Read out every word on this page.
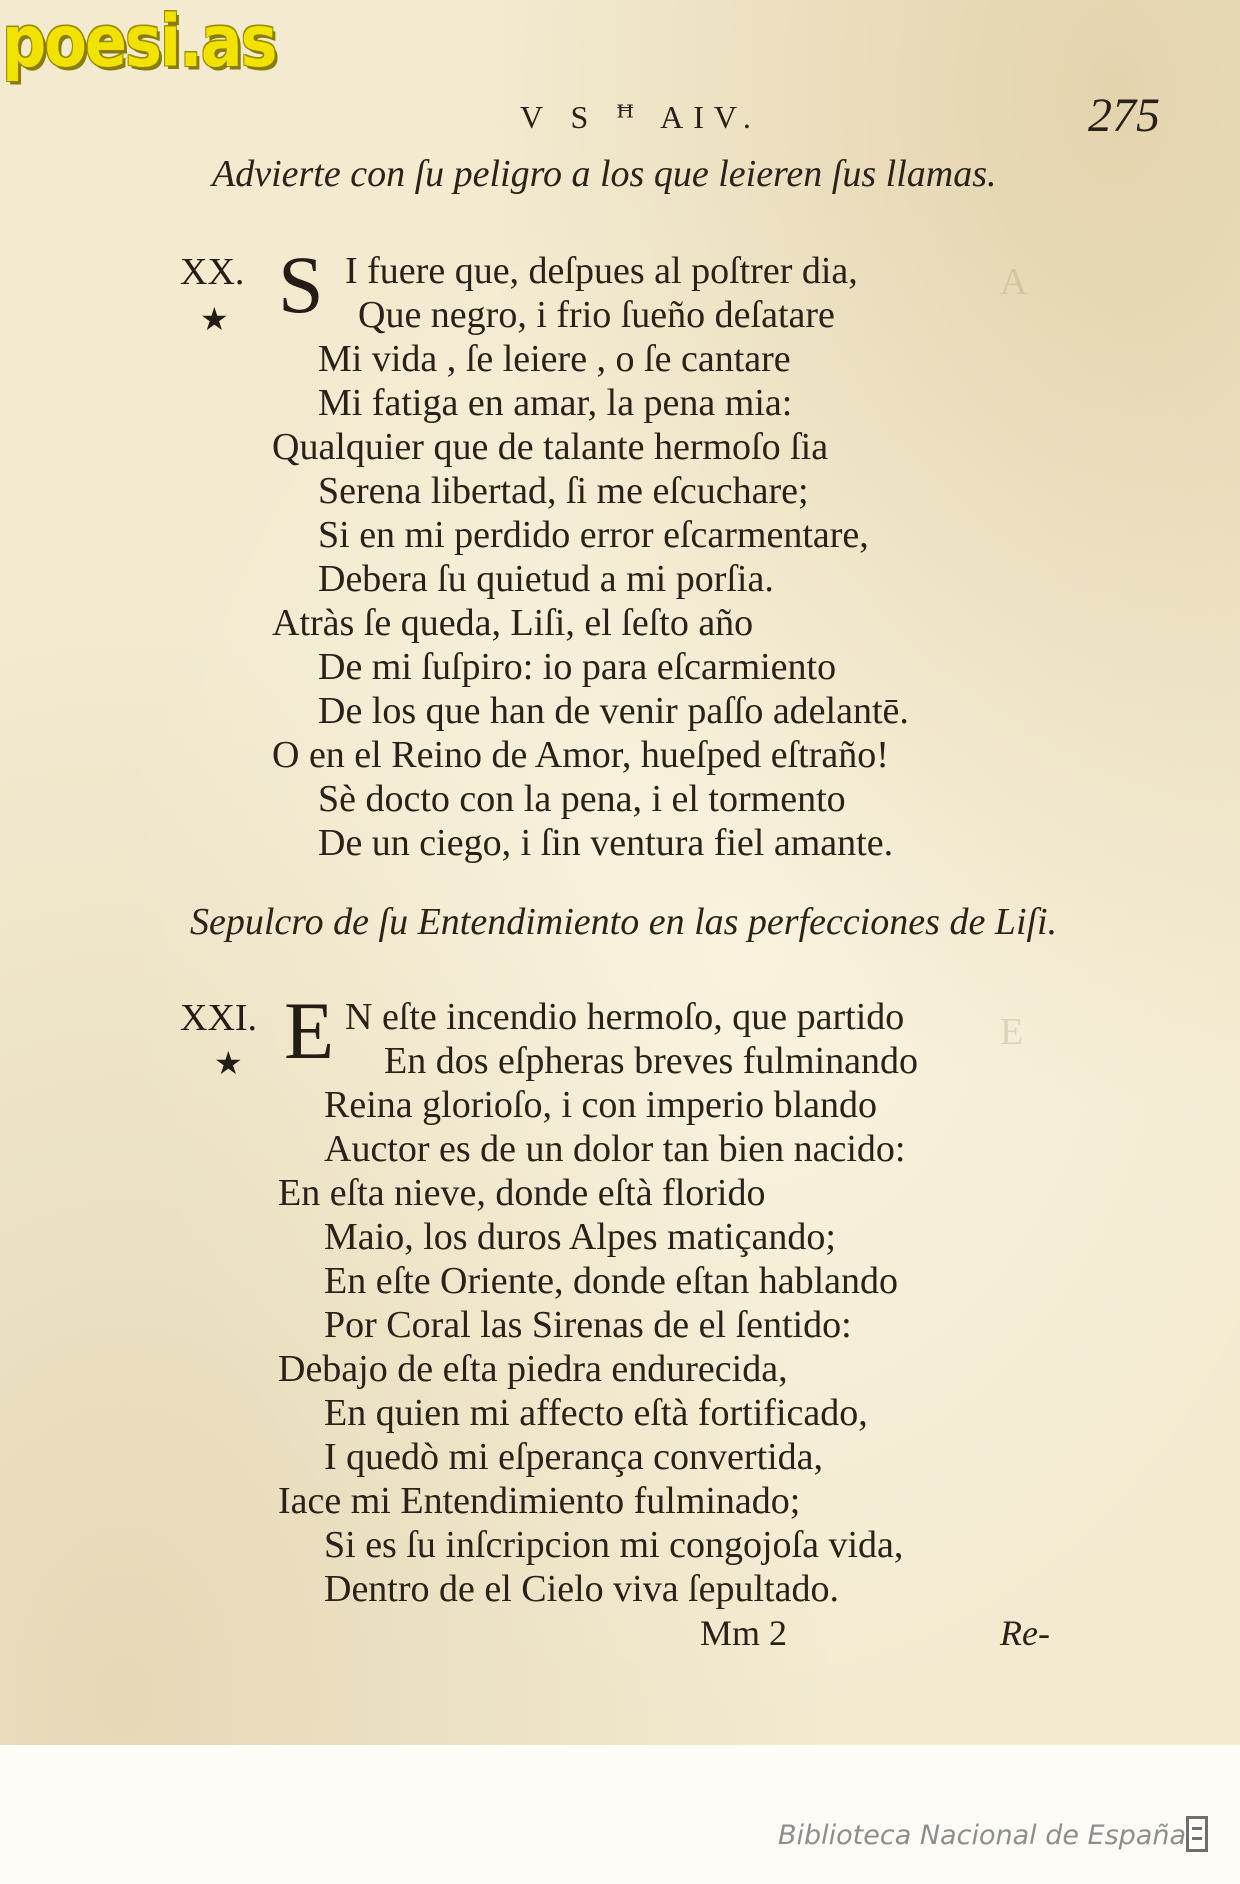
poesi.as
V S ꟸ AIV.	275
Advierte con ſu peligro a los que leieren ſus llamas.
XX.
★ S I fuere que, deſpues al poſtrer dia,
Que negro, i frio ſueño deſatare
Mi vida , ſe leiere , o ſe cantare
Mi fatiga en amar, la pena mia:
Qualquier que de talante hermoſo ſia
Serena libertad, ſi me eſcuchare;
Si en mi perdido error eſcarmentare,
Debera ſu quietud a mi porſia.
Atràs ſe queda, Liſi, el ſeſto año
De mi ſuſpiro: io para eſcarmiento
De los que han de venir paſſo adelantē.
O en el Reino de Amor, hueſped eſtraño!
Sè docto con la pena, i el tormento
De un ciego, i ſin ventura fiel amante.
Sepulcro de ſu Entendimiento en las perfecciones de Liſi.
XXI.
★ E N eſte incendio hermoſo, que partido
En dos eſpheras breves fulminando
Reina glorioſo, i con imperio blando
Auctor es de un dolor tan bien nacido:
En eſta nieve, donde eſtà florido
Maio, los duros Alpes matiçando;
En eſte Oriente, donde eſtan hablando
Por Coral las Sirenas de el ſentido:
Debajo de eſta piedra endurecida,
En quien mi affecto eſtà fortificado,
I quedò mi eſperança convertida,
Iace mi Entendimiento fulminado;
Si es ſu inſcripcion mi congojoſa vida,
Dentro de el Cielo viva ſepultado.
A
E
Mm 2	Re-
Biblioteca Nacional de España
